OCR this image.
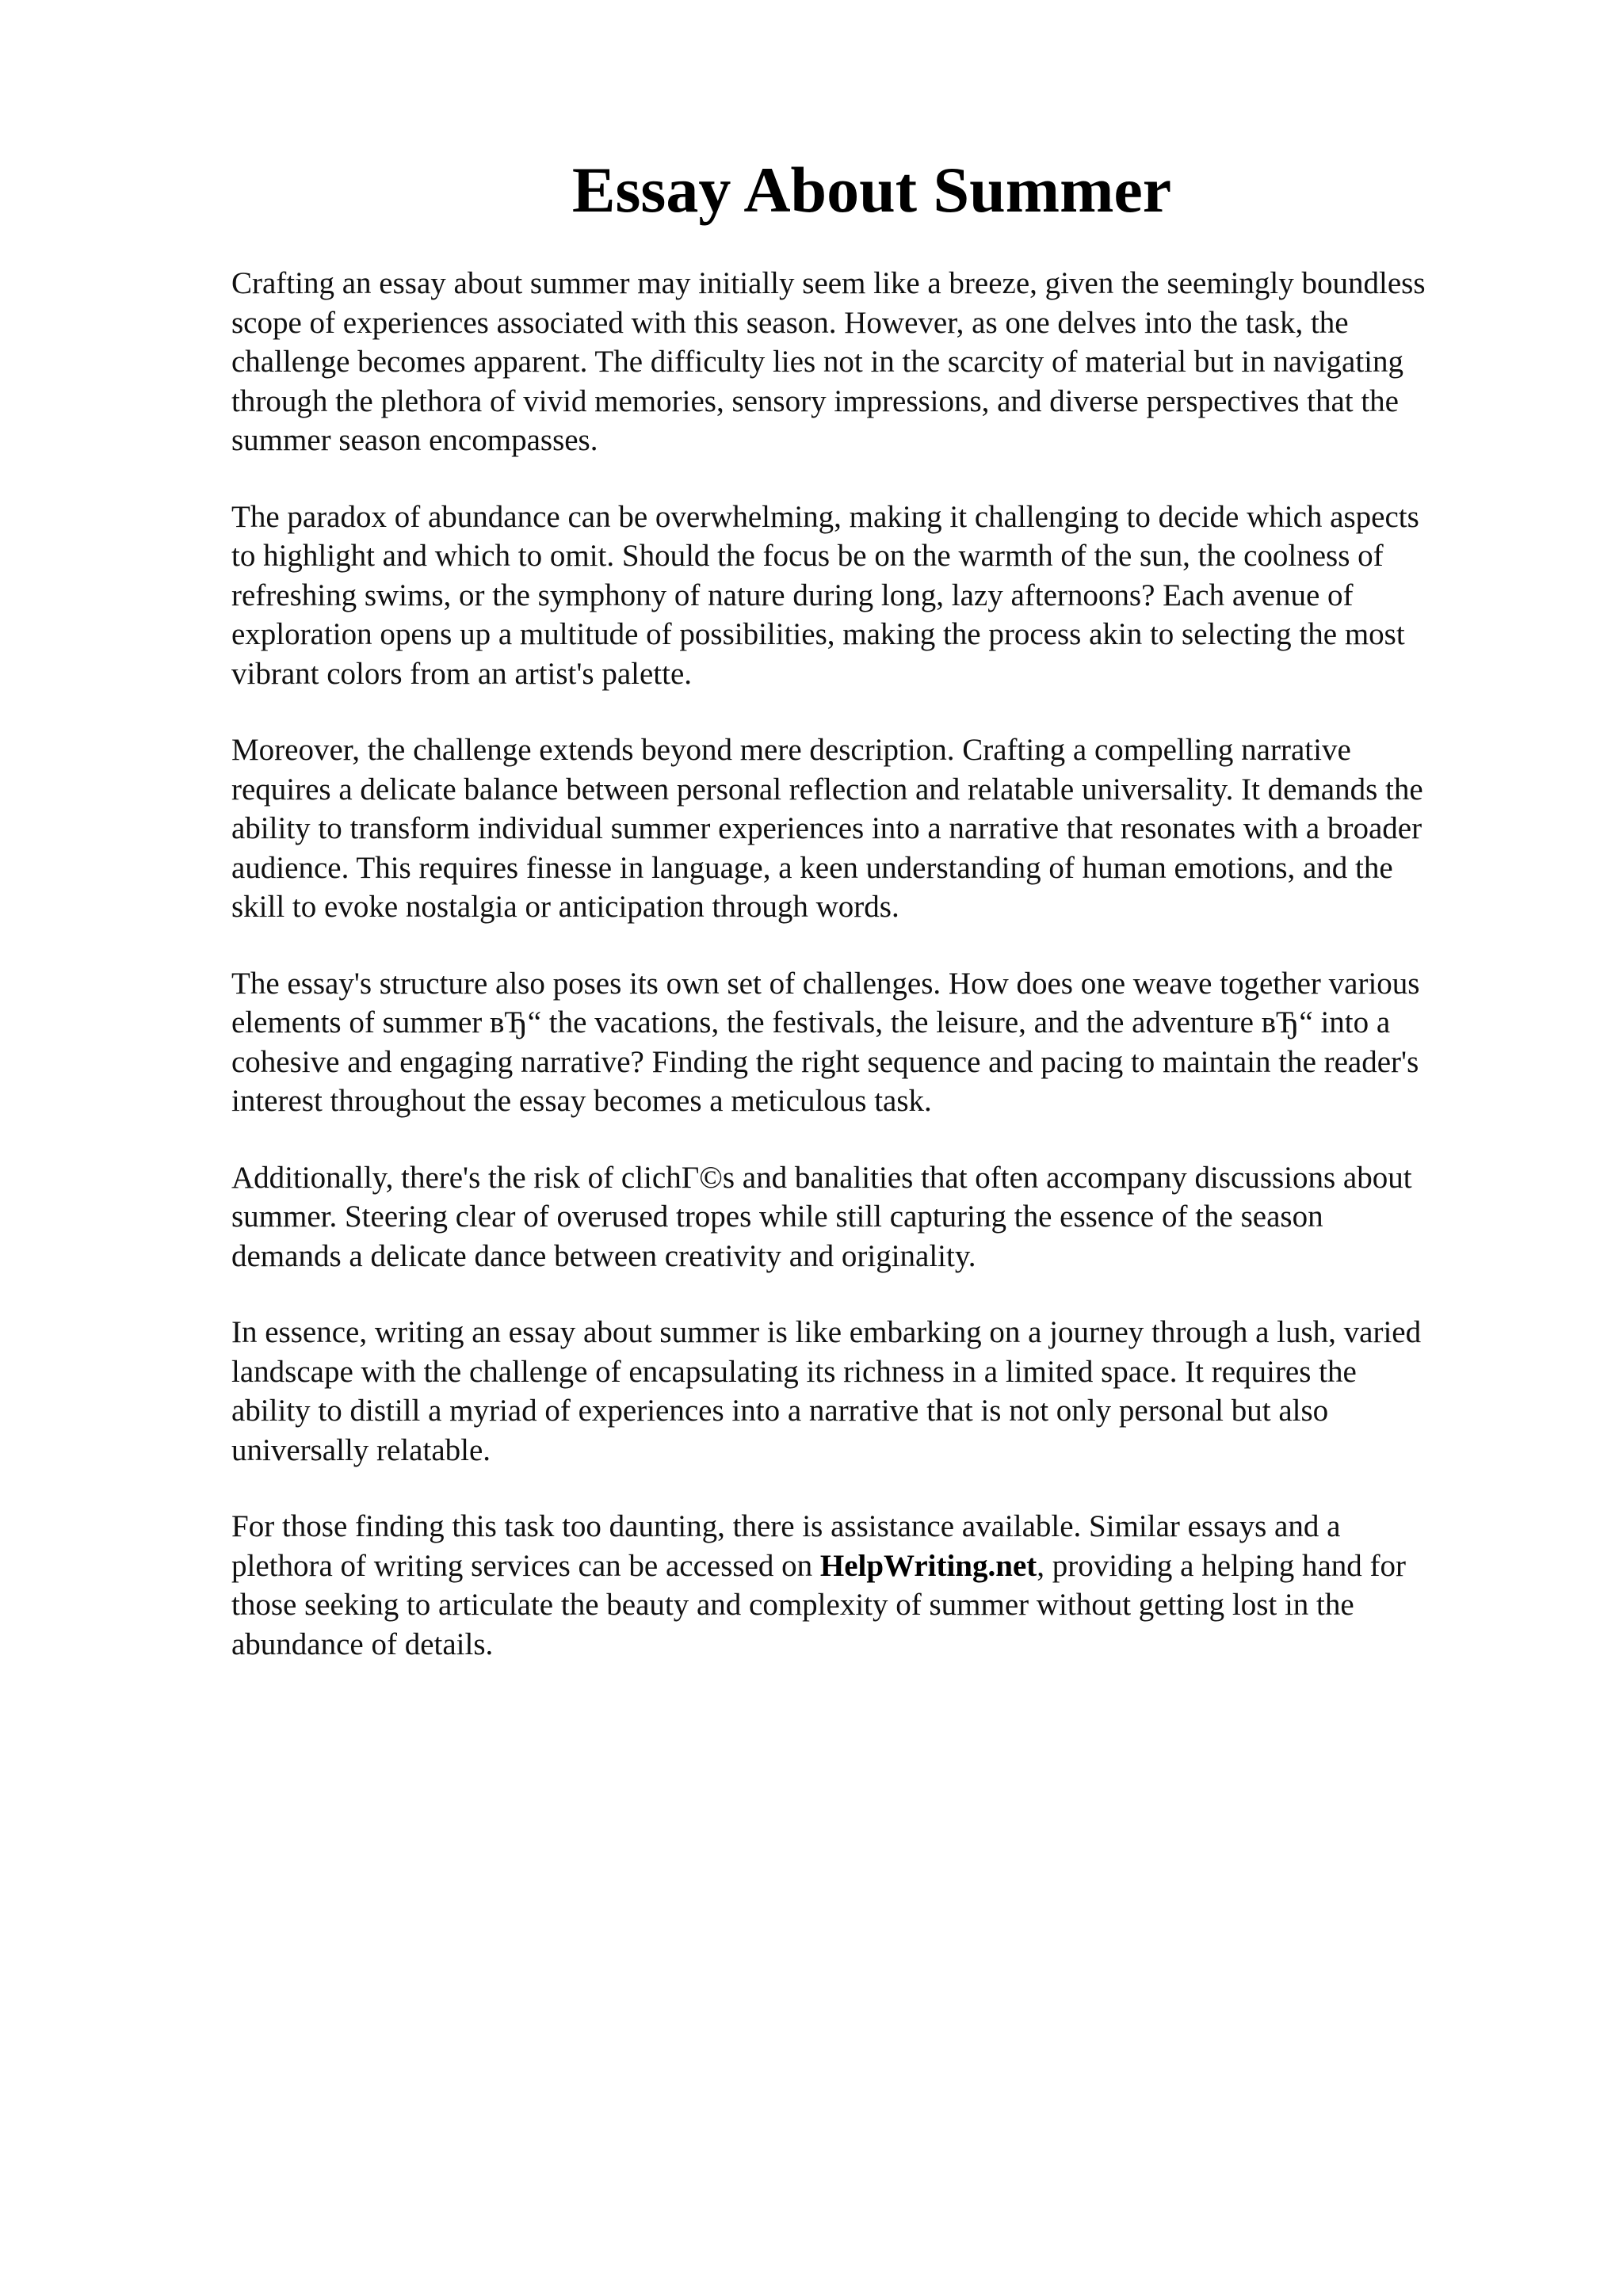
Essay About Summer

Crafting an essay about summer may initially seem like a breeze, given the seemingly boundless
scope of experiences associated with this season. However, as one delves into the task, the
challenge becomes apparent. The difficulty lies not in the scarcity of material but in navigating
through the plethora of vivid memories, sensory impressions, and diverse perspectives that the
summer season encompasses.

The paradox of abundance can be overwhelming, making it challenging to decide which aspects
to highlight and which to omit. Should the focus be on the warmth of the sun, the coolness of
refreshing swims, or the symphony of nature during long, lazy afternoons? Each avenue of
exploration opens up a multitude of possibilities, making the process akin to selecting the most
vibrant colors from an artist's palette.

Moreover, the challenge extends beyond mere description. Crafting a compelling narrative
requires a delicate balance between personal reflection and relatable universality. It demands the
ability to transform individual summer experiences into a narrative that resonates with a broader
audience. This requires finesse in language, a keen understanding of human emotions, and the
skill to evoke nostalgia or anticipation through words.

The essay's structure also poses its own set of challenges. How does one weave together various
elements of summer вЂ“ the vacations, the festivals, the leisure, and the adventure вЂ“ into a
cohesive and engaging narrative? Finding the right sequence and pacing to maintain the reader's
interest throughout the essay becomes a meticulous task.

Additionally, there's the risk of clichГ©s and banalities that often accompany discussions about
summer. Steering clear of overused tropes while still capturing the essence of the season
demands a delicate dance between creativity and originality.

In essence, writing an essay about summer is like embarking on a journey through a lush, varied
landscape with the challenge of encapsulating its richness in a limited space. It requires the
ability to distill a myriad of experiences into a narrative that is not only personal but also
universally relatable.

For those finding this task too daunting, there is assistance available. Similar essays and a
plethora of writing services can be accessed on HelpWriting.net, providing a helping hand for
those seeking to articulate the beauty and complexity of summer without getting lost in the
abundance of details.
